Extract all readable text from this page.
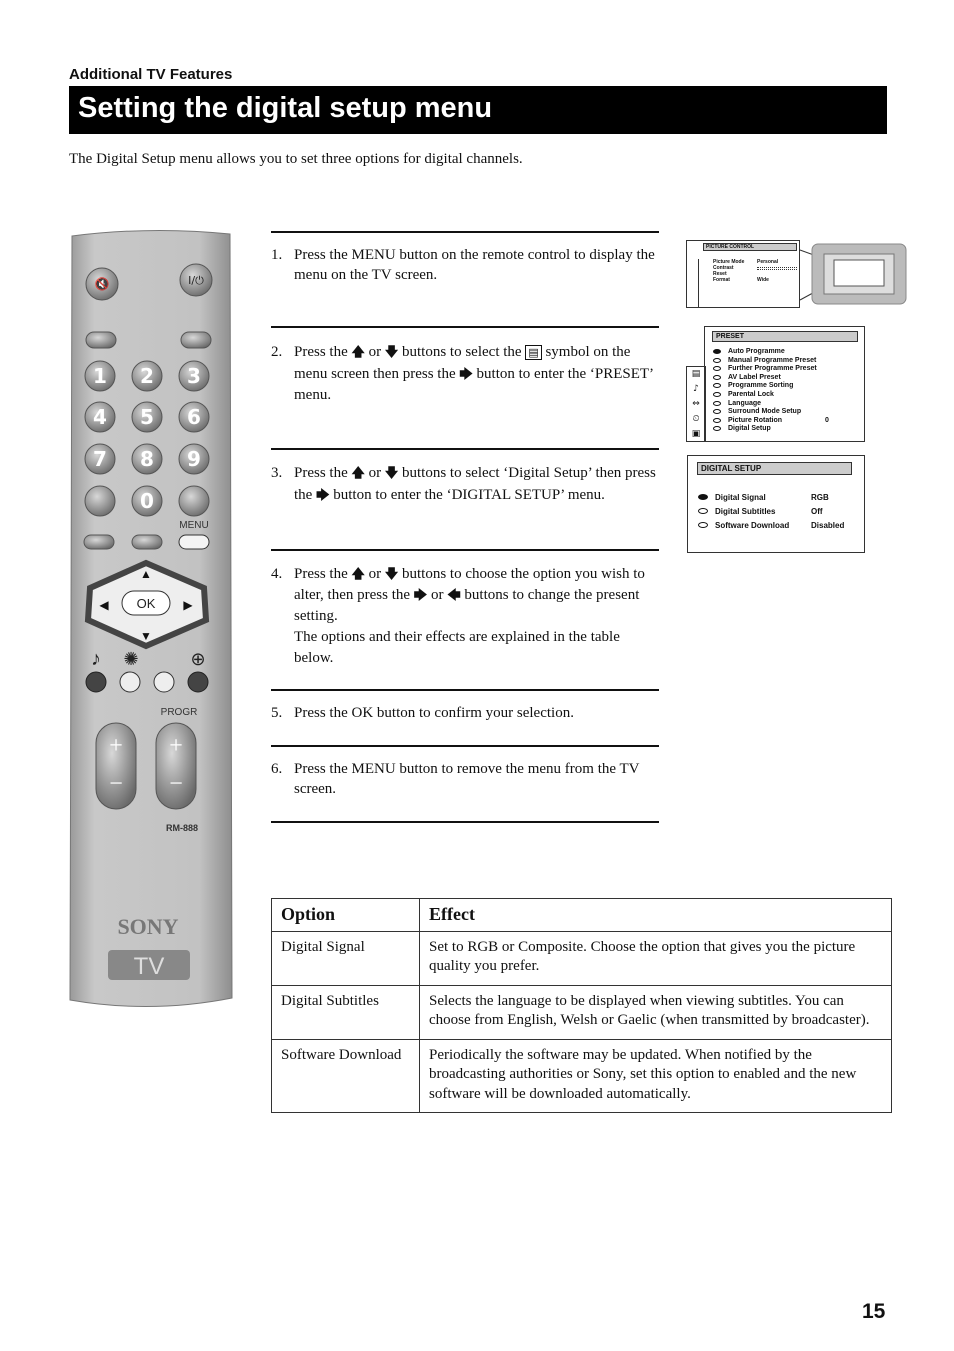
Additional TV Features
Setting the digital setup menu
The Digital Setup menu allows you to set three options for digital channels.
🔇	I/⏻
1 2 3
4 5 6
7 8 9
0
MENU
OK
▲
▼
◀	▶
♪ ✺	⊕
PROGR
+
−
+
−
RM-888
SONY
TV
1. Press the MENU button on the remote control to display the menu on the TV screen.
2. Press the 🡅 or 🡇 buttons to select the ▤ symbol on the menu screen then press the 🡆 button to enter the ‘PRESET’ menu.
3. Press the 🡅 or 🡇 buttons to select ‘Digital Setup’ then press the 🡆 button to enter the ‘DIGITAL SETUP’ menu.
4. Press the 🡅 or 🡇 buttons to choose the option you wish to alter, then press the 🡆 or 🡄 buttons to change the present setting.
The options and their effects are explained in the table below.
5. Press the OK button to confirm your selection.
6. Press the MENU button to remove the menu from the TV screen.
PICTURE CONTROL
Picture Mode	Personal
Contrast
Reset
Format	Wide
PRESET
▤
♪
⇔
⏲
▣
Auto Programme
Manual Programme Preset
Further Programme Preset
AV Label Preset
Programme Sorting
Parental Lock
Language
Surround Mode Setup
Picture Rotation
Digital Setup
0
DIGITAL SETUP
Digital Signal	RGB
Digital Subtitles	Off
Software Download	Disabled
Option	Effect
Digital Signal	Set to RGB or Composite. Choose the option that gives you the picture quality you prefer.
Digital Subtitles	Selects the language to be displayed when viewing subtitles. You can choose from English, Welsh or Gaelic (when transmitted by broadcaster).
Software Download	Periodically the software may be updated. When notified by the broadcasting authorities or Sony, set this option to enabled and the new software will be downloaded automatically.
15
